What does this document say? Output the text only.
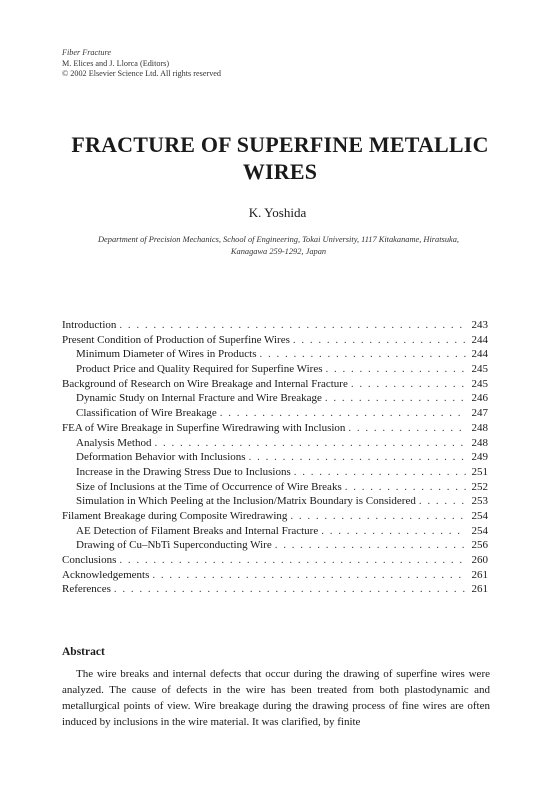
Fiber Fracture
M. Elices and J. Llorca (Editors)
© 2002 Elsevier Science Ltd. All rights reserved
FRACTURE OF SUPERFINE METALLIC
WIRES
K. Yoshida
Department of Precision Mechanics, School of Engineering, Tokai University, 1117 Kitakaname, Hiratsuka,
Kanagawa 259-1292, Japan
Introduction . . .	243
Present Condition of Production of Superfine Wires . . .	244
Minimum Diameter of Wires in Products . . .	244
Product Price and Quality Required for Superfine Wires . . .	245
Background of Research on Wire Breakage and Internal Fracture . . .	245
Dynamic Study on Internal Fracture and Wire Breakage . . .	246
Classification of Wire Breakage . . .	247
FEA of Wire Breakage in Superfine Wiredrawing with Inclusion . . .	248
Analysis Method . . .	248
Deformation Behavior with Inclusions . . .	249
Increase in the Drawing Stress Due to Inclusions . . .	251
Size of Inclusions at the Time of Occurrence of Wire Breaks . . .	252
Simulation in Which Peeling at the Inclusion/Matrix Boundary is Considered . . .	253
Filament Breakage during Composite Wiredrawing . . .	254
AE Detection of Filament Breaks and Internal Fracture . . .	254
Drawing of Cu–NbTi Superconducting Wire . . .	256
Conclusions . . .	260
Acknowledgements . . .	261
References . . .	261
Abstract
The wire breaks and internal defects that occur during the drawing of superfine wires were analyzed. The cause of defects in the wire has been treated from both plastodynamic and metallurgical points of view. Wire breakage during the drawing process of fine wires are often induced by inclusions in the wire material. It was clarified, by finite
